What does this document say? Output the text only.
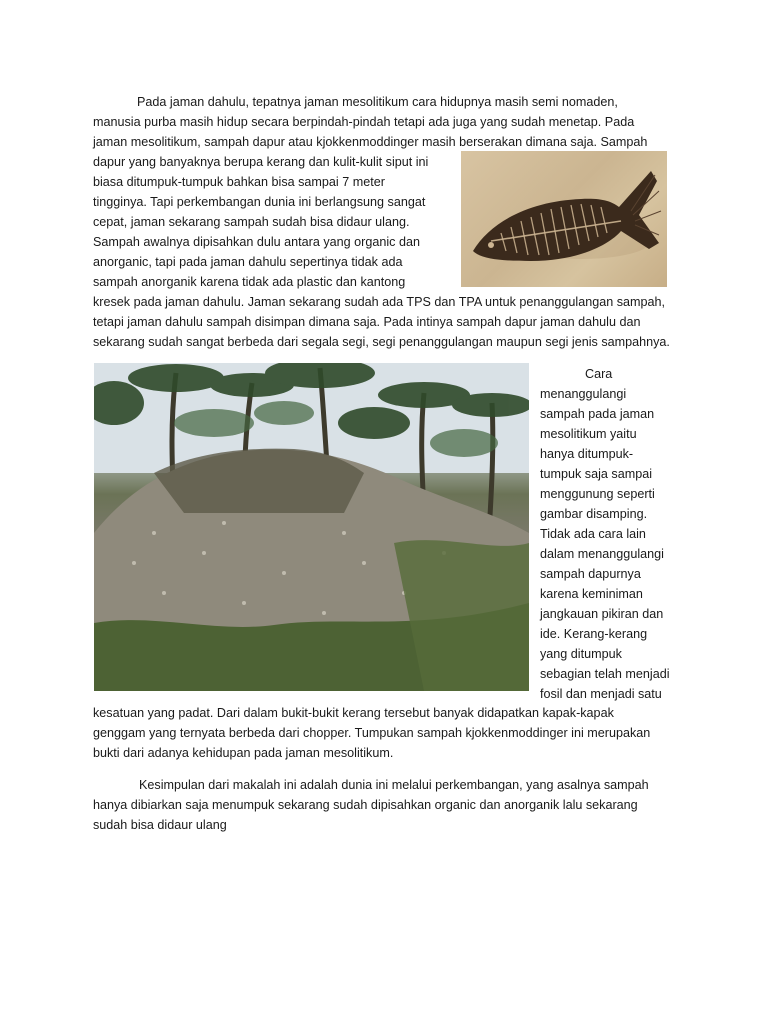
Pada jaman dahulu, tepatnya jaman mesolitikum cara hidupnya masih semi nomaden,
manusia purba masih hidup secara berpindah-pindah tetapi ada juga yang sudah menetap. Pada
jaman mesolitikum, sampah dapur atau kjokkenmoddinger masih berserakan dimana saja. Sampah
dapur yang banyaknya berupa kerang dan kulit-kulit siput ini
biasa ditumpuk-tumpuk bahkan bisa sampai 7 meter
tingginya. Tapi perkembangan dunia ini berlangsung sangat
cepat, jaman sekarang sampah sudah bisa didaur ulang.
Sampah awalnya dipisahkan dulu antara yang organic dan
anorganic, tapi pada jaman dahulu sepertinya tidak ada
sampah anorganik karena tidak ada plastic dan kantong
kresek pada jaman dahulu. Jaman sekarang sudah ada TPS dan TPA untuk penanggulangan sampah,
tetapi jaman dahulu sampah disimpan dimana saja. Pada intinya sampah dapur jaman dahulu dan
sekarang sudah sangat berbeda dari segala segi, segi penanggulangan maupun segi jenis sampahnya.
Cara
menanggulangi
sampah pada jaman
mesolitikum yaitu
hanya ditumpuk-
tumpuk saja sampai
menggunung seperti
gambar disamping.
Tidak ada cara lain
dalam menanggulangi
sampah dapurnya
karena keminiman
jangkauan pikiran dan
ide. Kerang-kerang
yang ditumpuk
sebagian telah menjadi
fosil dan menjadi satu
kesatuan yang padat. Dari dalam bukit-bukit kerang tersebut banyak didapatkan kapak-kapak
genggam yang ternyata berbeda dari chopper. Tumpukan sampah kjokkenmoddinger ini merupakan
bukti dari adanya kehidupan pada jaman mesolitikum.
Kesimpulan dari makalah ini adalah dunia ini melalui perkembangan, yang asalnya sampah
hanya dibiarkan saja menumpuk sekarang sudah dipisahkan organic dan anorganik lalu sekarang
sudah bisa didaur ulang
